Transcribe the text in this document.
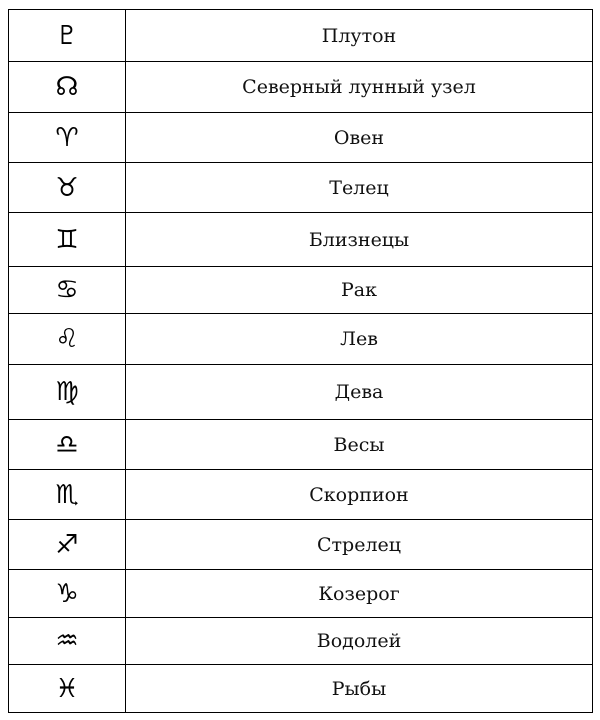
♇	Плутон
☊	Северный лунный узел
♈︎	Овен
♉︎	Телец
♊︎	Близнецы
♋︎	Рак
♌︎	Лев
♍︎	Дева
♎︎	Весы
♏︎	Скорпион
♐︎	Стрелец
♑︎	Козерог
♒︎	Водолей
♓︎	Рыбы
